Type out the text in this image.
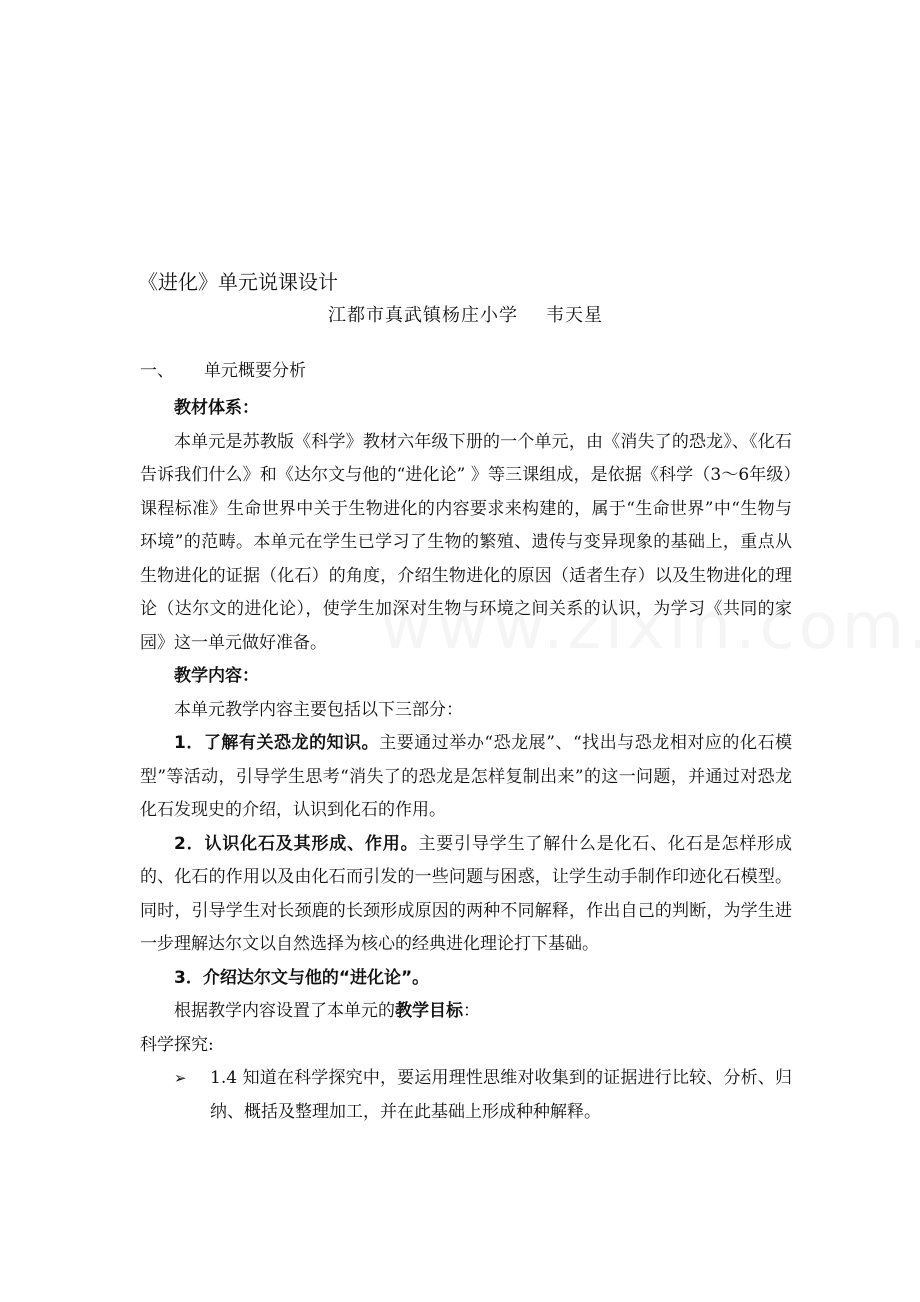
《进化》单元说课设计
江都市真武镇杨庄小学 韦天星
一、 单元概要分析

教材体系：

本单元是苏教版《科学》教材六年级下册的一个单元，由《消失了的恐龙》、《化石告诉我们什么》和《达尔文与他的“进化论” 》等三课组成，是依据《科学（3～6年级）课程标准》生命世界中关于生物进化的内容要求来构建的，属于“生命世界”中“生物与环境”的范畴。本单元在学生已学习了生物的繁殖、遗传与变异现象的基础上，重点从生物进化的证据（化石）的角度，介绍生物进化的原因（适者生存）以及生物进化的理论（达尔文的进化论），使学生加深对生物与环境之间关系的认识，为学习《共同的家园》这一单元做好准备。

教学内容：

本单元教学内容主要包括以下三部分：

1．了解有关恐龙的知识。主要通过举办“恐龙展”、“找出与恐龙相对应的化石模型”等活动，引导学生思考“消失了的恐龙是怎样复制出来”的这一问题，并通过对恐龙化石发现史的介绍，认识到化石的作用。

2．认识化石及其形成、作用。主要引导学生了解什么是化石、化石是怎样形成的、化石的作用以及由化石而引发的一些问题与困惑，让学生动手制作印迹化石模型。同时，引导学生对长颈鹿的长颈形成原因的两种不同解释，作出自己的判断，为学生进一步理解达尔文以自然选择为核心的经典进化理论打下基础。

3．介绍达尔文与他的“进化论”。

根据教学内容设置了本单元的教学目标：

科学探究:

➢ 1.4 知道在科学探究中，要运用理性思维对收集到的证据进行比较、分析、归纳、概括及整理加工，并在此基础上形成种种解释。
